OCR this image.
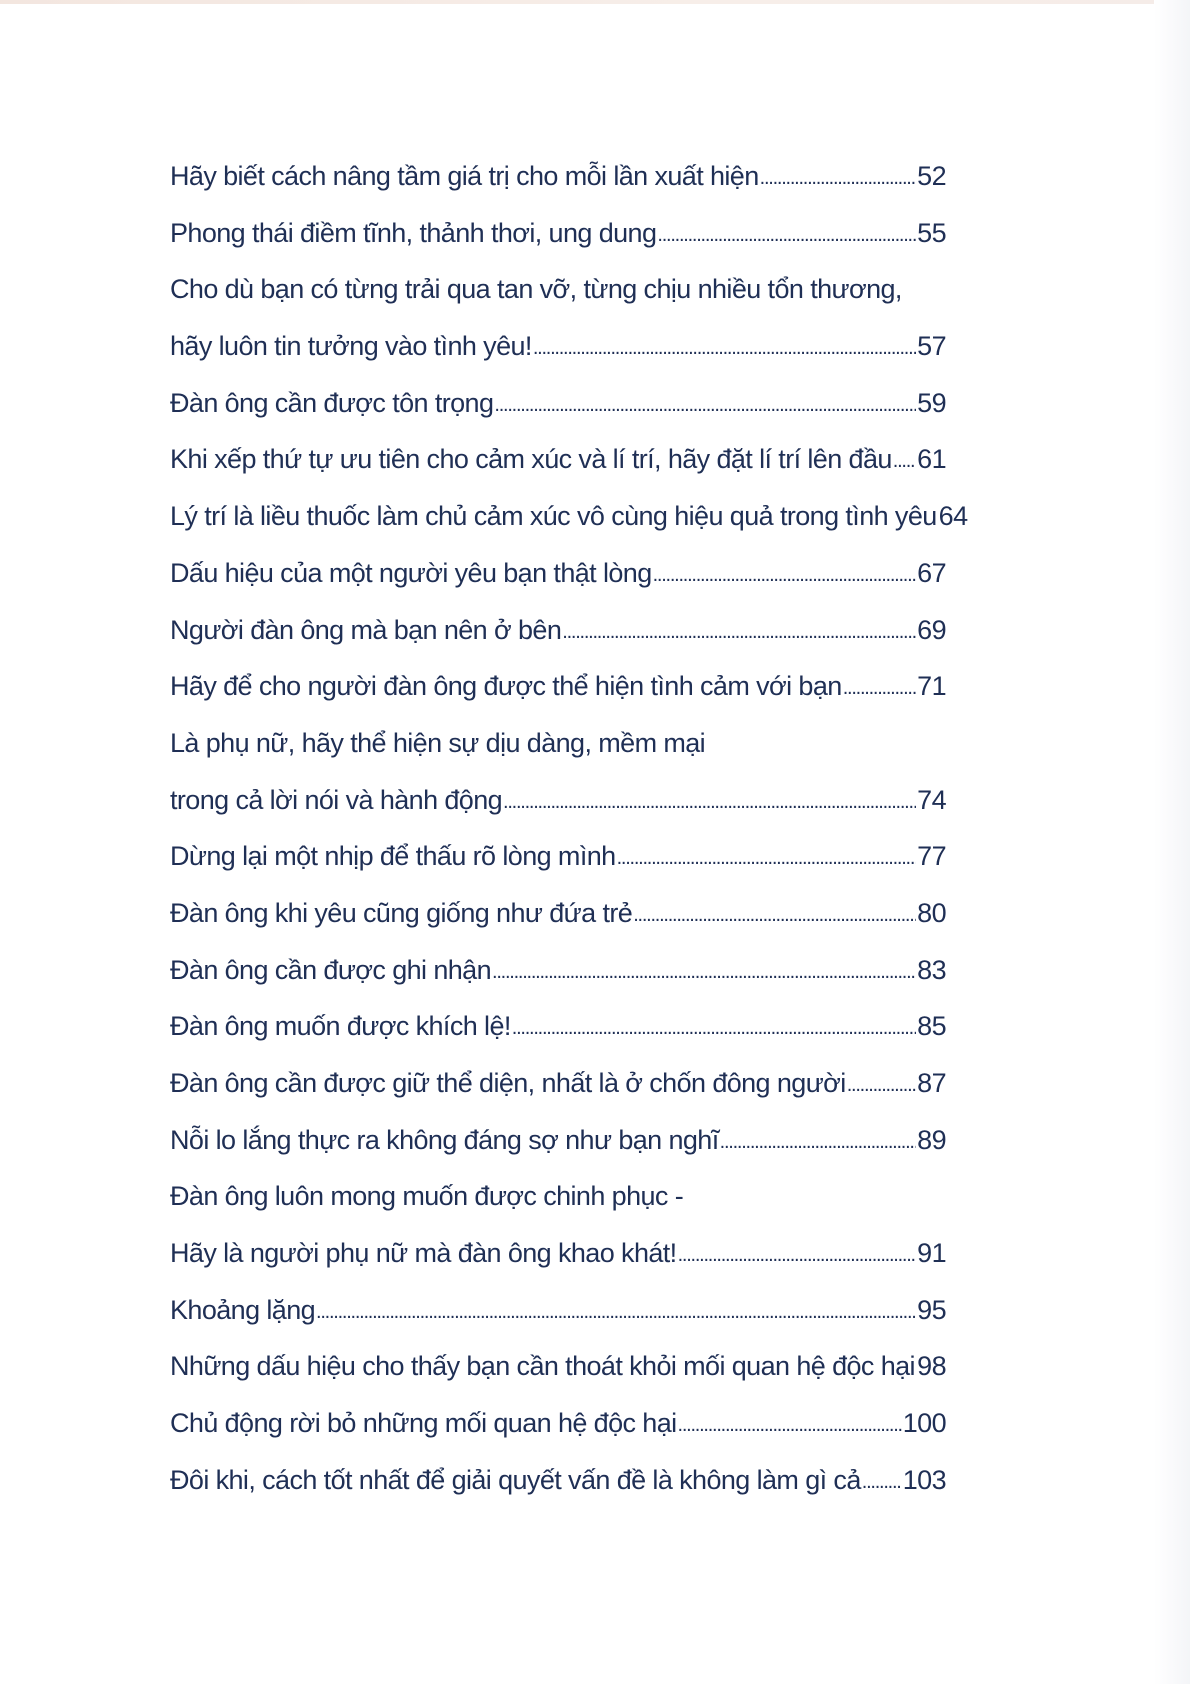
Hãy biết cách nâng tầm giá trị cho mỗi lần xuất hiện . . .	52
Phong thái điềm tĩnh, thảnh thơi, ung dung . . .	55
Cho dù bạn có từng trải qua tan vỡ, từng chịu nhiều tổn thương,
hãy luôn tin tưởng vào tình yêu! . . .	57
Đàn ông cần được tôn trọng . . .	59
Khi xếp thứ tự ưu tiên cho cảm xúc và lí trí, hãy đặt lí trí lên đầu . . . 61
Lý trí là liều thuốc làm chủ cảm xúc vô cùng hiệu quả trong tình yêu 64
Dấu hiệu của một người yêu bạn thật lòng . . .	67
Người đàn ông mà bạn nên ở bên . . .	69
Hãy để cho người đàn ông được thể hiện tình cảm với bạn . . .	71
Là phụ nữ, hãy thể hiện sự dịu dàng, mềm mại
trong cả lời nói và hành động . . .	74
Dừng lại một nhịp để thấu rõ lòng mình . . .	77
Đàn ông khi yêu cũng giống như đứa trẻ . . .	80
Đàn ông cần được ghi nhận . . .	83
Đàn ông muốn được khích lệ! . . .	85
Đàn ông cần được giữ thể diện, nhất là ở chốn đông người . . .	87
Nỗi lo lắng thực ra không đáng sợ như bạn nghĩ . . .	89
Đàn ông luôn mong muốn được chinh phục -
Hãy là người phụ nữ mà đàn ông khao khát! . . .	91
Khoảng lặng . . .	95
Những dấu hiệu cho thấy bạn cần thoát khỏi mối quan hệ độc hại . . . 98
Chủ động rời bỏ những mối quan hệ độc hại . . .	100
Đôi khi, cách tốt nhất để giải quyết vấn đề là không làm gì cả . . . 103
